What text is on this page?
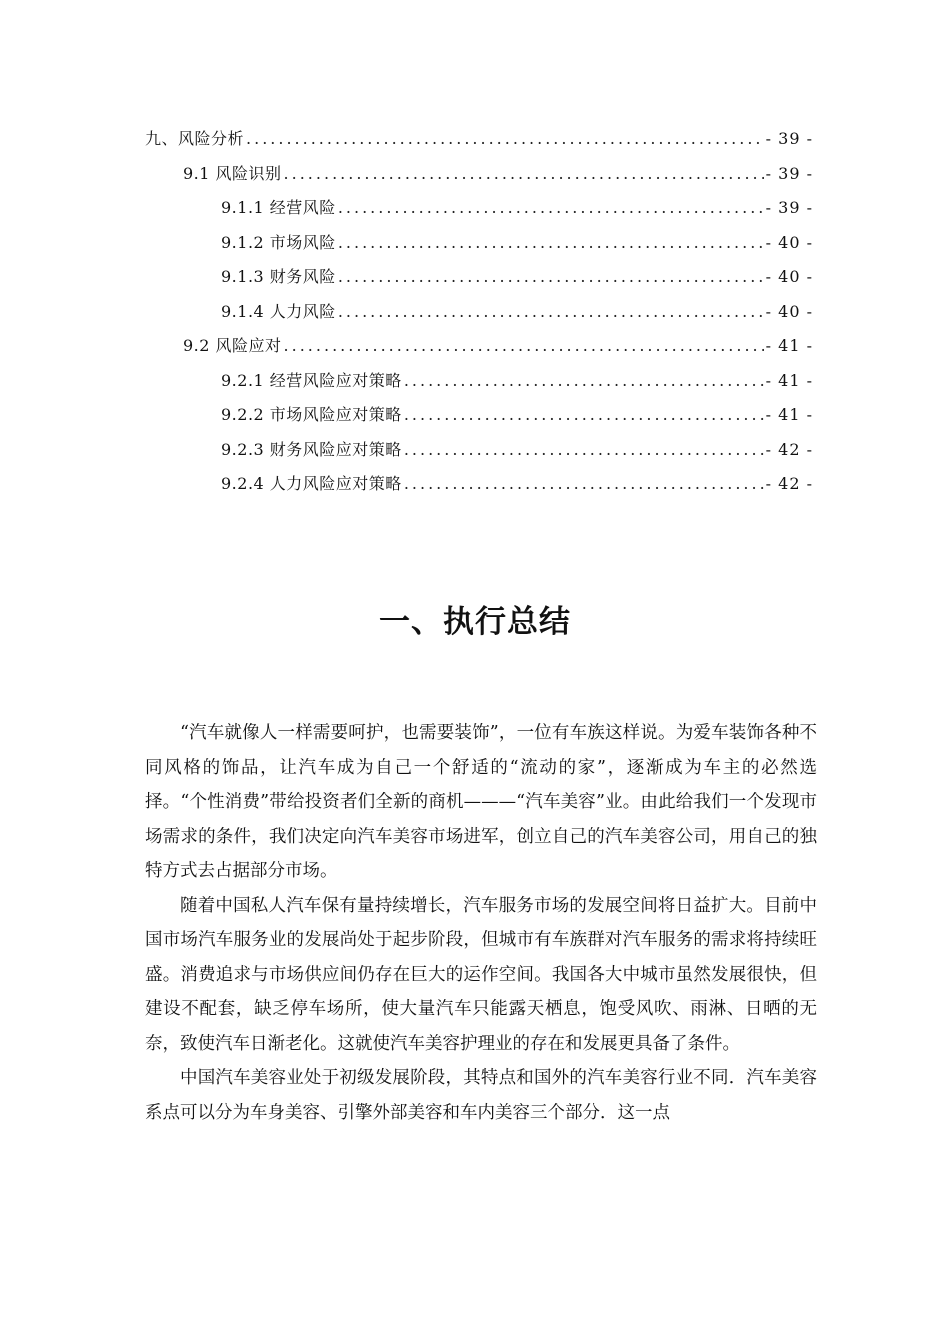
九、风险分析 .....	- 39 -
9.1 风险识别 .....	- 39 -
9.1.1 经营风险 .....	- 39 -
9.1.2 市场风险 .....	- 40 -
9.1.3 财务风险 .....	- 40 -
9.1.4 人力风险 .....	- 40 -
9.2 风险应对 .....	- 41 -
9.2.1 经营风险应对策略 .....	- 41 -
9.2.2 市场风险应对策略 .....	- 41 -
9.2.3 财务风险应对策略 .....	- 42 -
9.2.4 人力风险应对策略 .....	- 42 -
一、执行总结

“汽车就像人一样需要呵护，也需要装饰”，一位有车族这样说。为爱车装饰各种不同风格的饰品，让汽车成为自己一个舒适的“流动的家”，逐渐成为车主的必然选择。“个性消费”带给投资者们全新的商机———“汽车美容”业。由此给我们一个发现市场需求的条件，我们决定向汽车美容市场进军，创立自己的汽车美容公司，用自己的独特方式去占据部分市场。

随着中国私人汽车保有量持续增长，汽车服务市场的发展空间将日益扩大。目前中国市场汽车服务业的发展尚处于起步阶段，但城市有车族群对汽车服务的需求将持续旺盛。消费追求与市场供应间仍存在巨大的运作空间。我国各大中城市虽然发展很快，但建设不配套，缺乏停车场所，使大量汽车只能露天栖息，饱受风吹、雨淋、日晒的无奈，致使汽车日渐老化。这就使汽车美容护理业的存在和发展更具备了条件。

中国汽车美容业处于初级发展阶段，其特点和国外的汽车美容行业不同．汽车美容系点可以分为车身美容、引擎外部美容和车内美容三个部分．这一点
